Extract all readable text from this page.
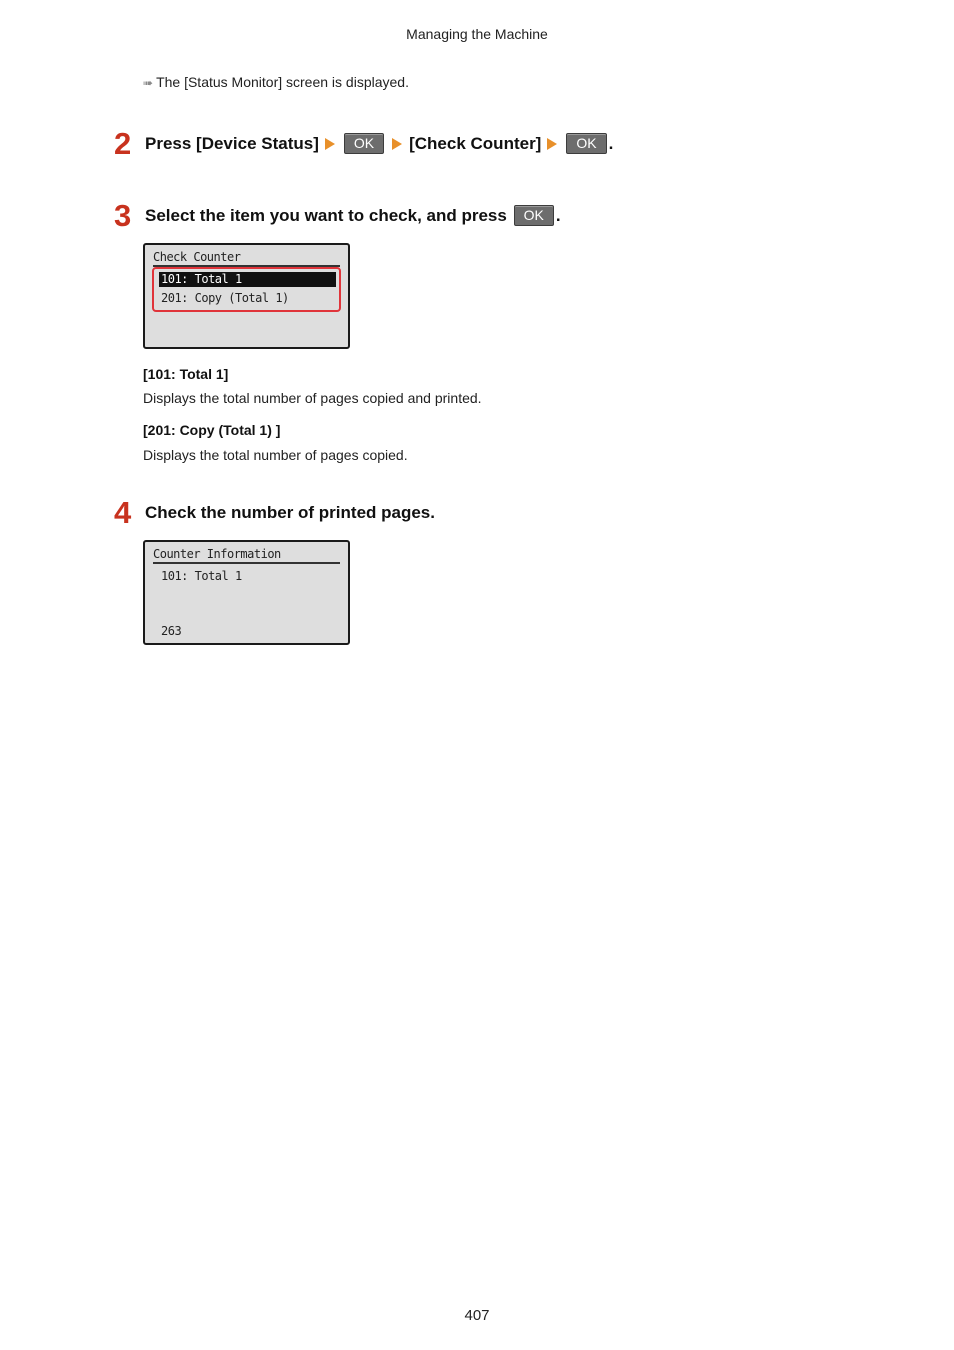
Managing the Machine
➠ The [Status Monitor] screen is displayed.
2 Press [Device Status]	OK	[Check Counter]	OK .
3 Select the item you want to check, and press
	OK .
Check Counter
101: Total 1
201: Copy (Total 1)
[101: Total 1]
Displays the total number of pages copied and printed.
[201: Copy (Total 1) ]
Displays the total number of pages copied.
4 Check the number of printed pages.
Counter Information
101: Total 1
263
407
